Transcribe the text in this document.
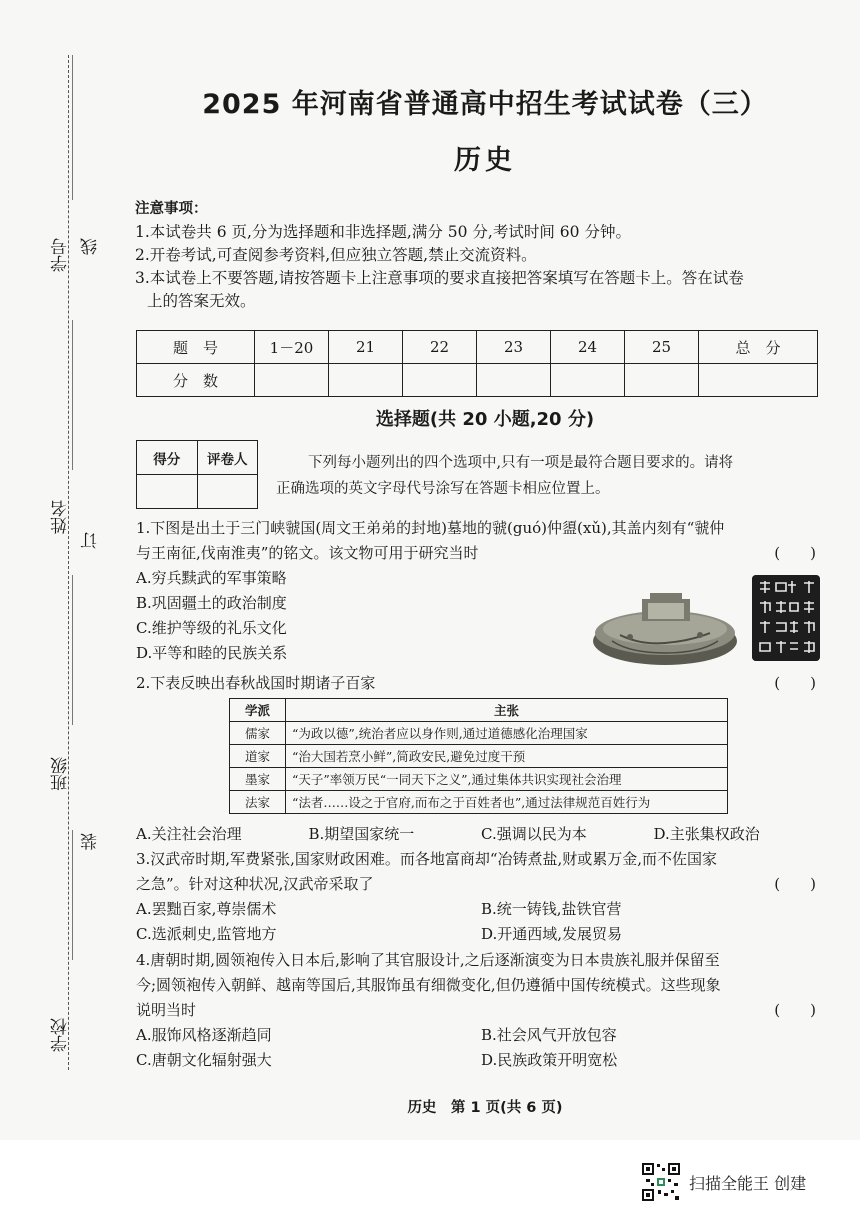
学号
姓名
班级
学校
线
订
装
2025 年河南省普通高中招生考试试卷（三）
历史
注意事项：
1.本试卷共 6 页,分为选择题和非选择题,满分 50 分,考试时间 60 分钟。
2.开卷考试,可查阅参考资料,但应独立答题,禁止交流资料。
3.本试卷上不要答题,请按答题卡上注意事项的要求直接把答案填写在答题卡上。答在试卷
上的答案无效。
题　号	1－20	21	22	23	24	25	总　分
分　数							
选择题(共 20 小题,20 分)
得分	评卷人
		下列每小题列出的四个选项中,只有一项是最符合题目要求的。请将
正确选项的英文字母代号涂写在答题卡相应位置上。
1.下图是出土于三门峡虢国(周文王弟弟的封地)墓地的虢(guó)仲盨(xǔ),其盖内刻有“虢仲
与王南征,伐南淮夷”的铭文。该文物可用于研究当时	(　　)
A.穷兵黩武的军事策略
B.巩固疆土的政治制度
C.维护等级的礼乐文化
D.平等和睦的民族关系
2.下表反映出春秋战国时期诸子百家	(　　)
学派	主张
儒家	“为政以德”,统治者应以身作则,通过道德感化治理国家
道家	“治大国若烹小鲜”,简政安民,避免过度干预
墨家	“天子”率领万民“一同天下之义”,通过集体共识实现社会治理
法家	“法者……设之于官府,而布之于百姓者也”,通过法律规范百姓行为
A.关注社会治理	B.期望国家统一	C.强调以民为本	D.主张集权政治
3.汉武帝时期,军费紧张,国家财政困难。而各地富商却“冶铸煮盐,财或累万金,而不佐国家
之急”。针对这种状况,汉武帝采取了	(　　)
A.罢黜百家,尊崇儒术	B.统一铸钱,盐铁官营
C.选派刺史,监管地方	D.开通西域,发展贸易
4.唐朝时期,圆领袍传入日本后,影响了其官服设计,之后逐渐演变为日本贵族礼服并保留至
今;圆领袍传入朝鲜、越南等国后,其服饰虽有细微变化,但仍遵循中国传统模式。这些现象
说明当时	(　　)
A.服饰风格逐渐趋同	B.社会风气开放包容
C.唐朝文化辐射强大	D.民族政策开明宽松
历史　第 1 页(共 6 页)
扫描全能王 创建
